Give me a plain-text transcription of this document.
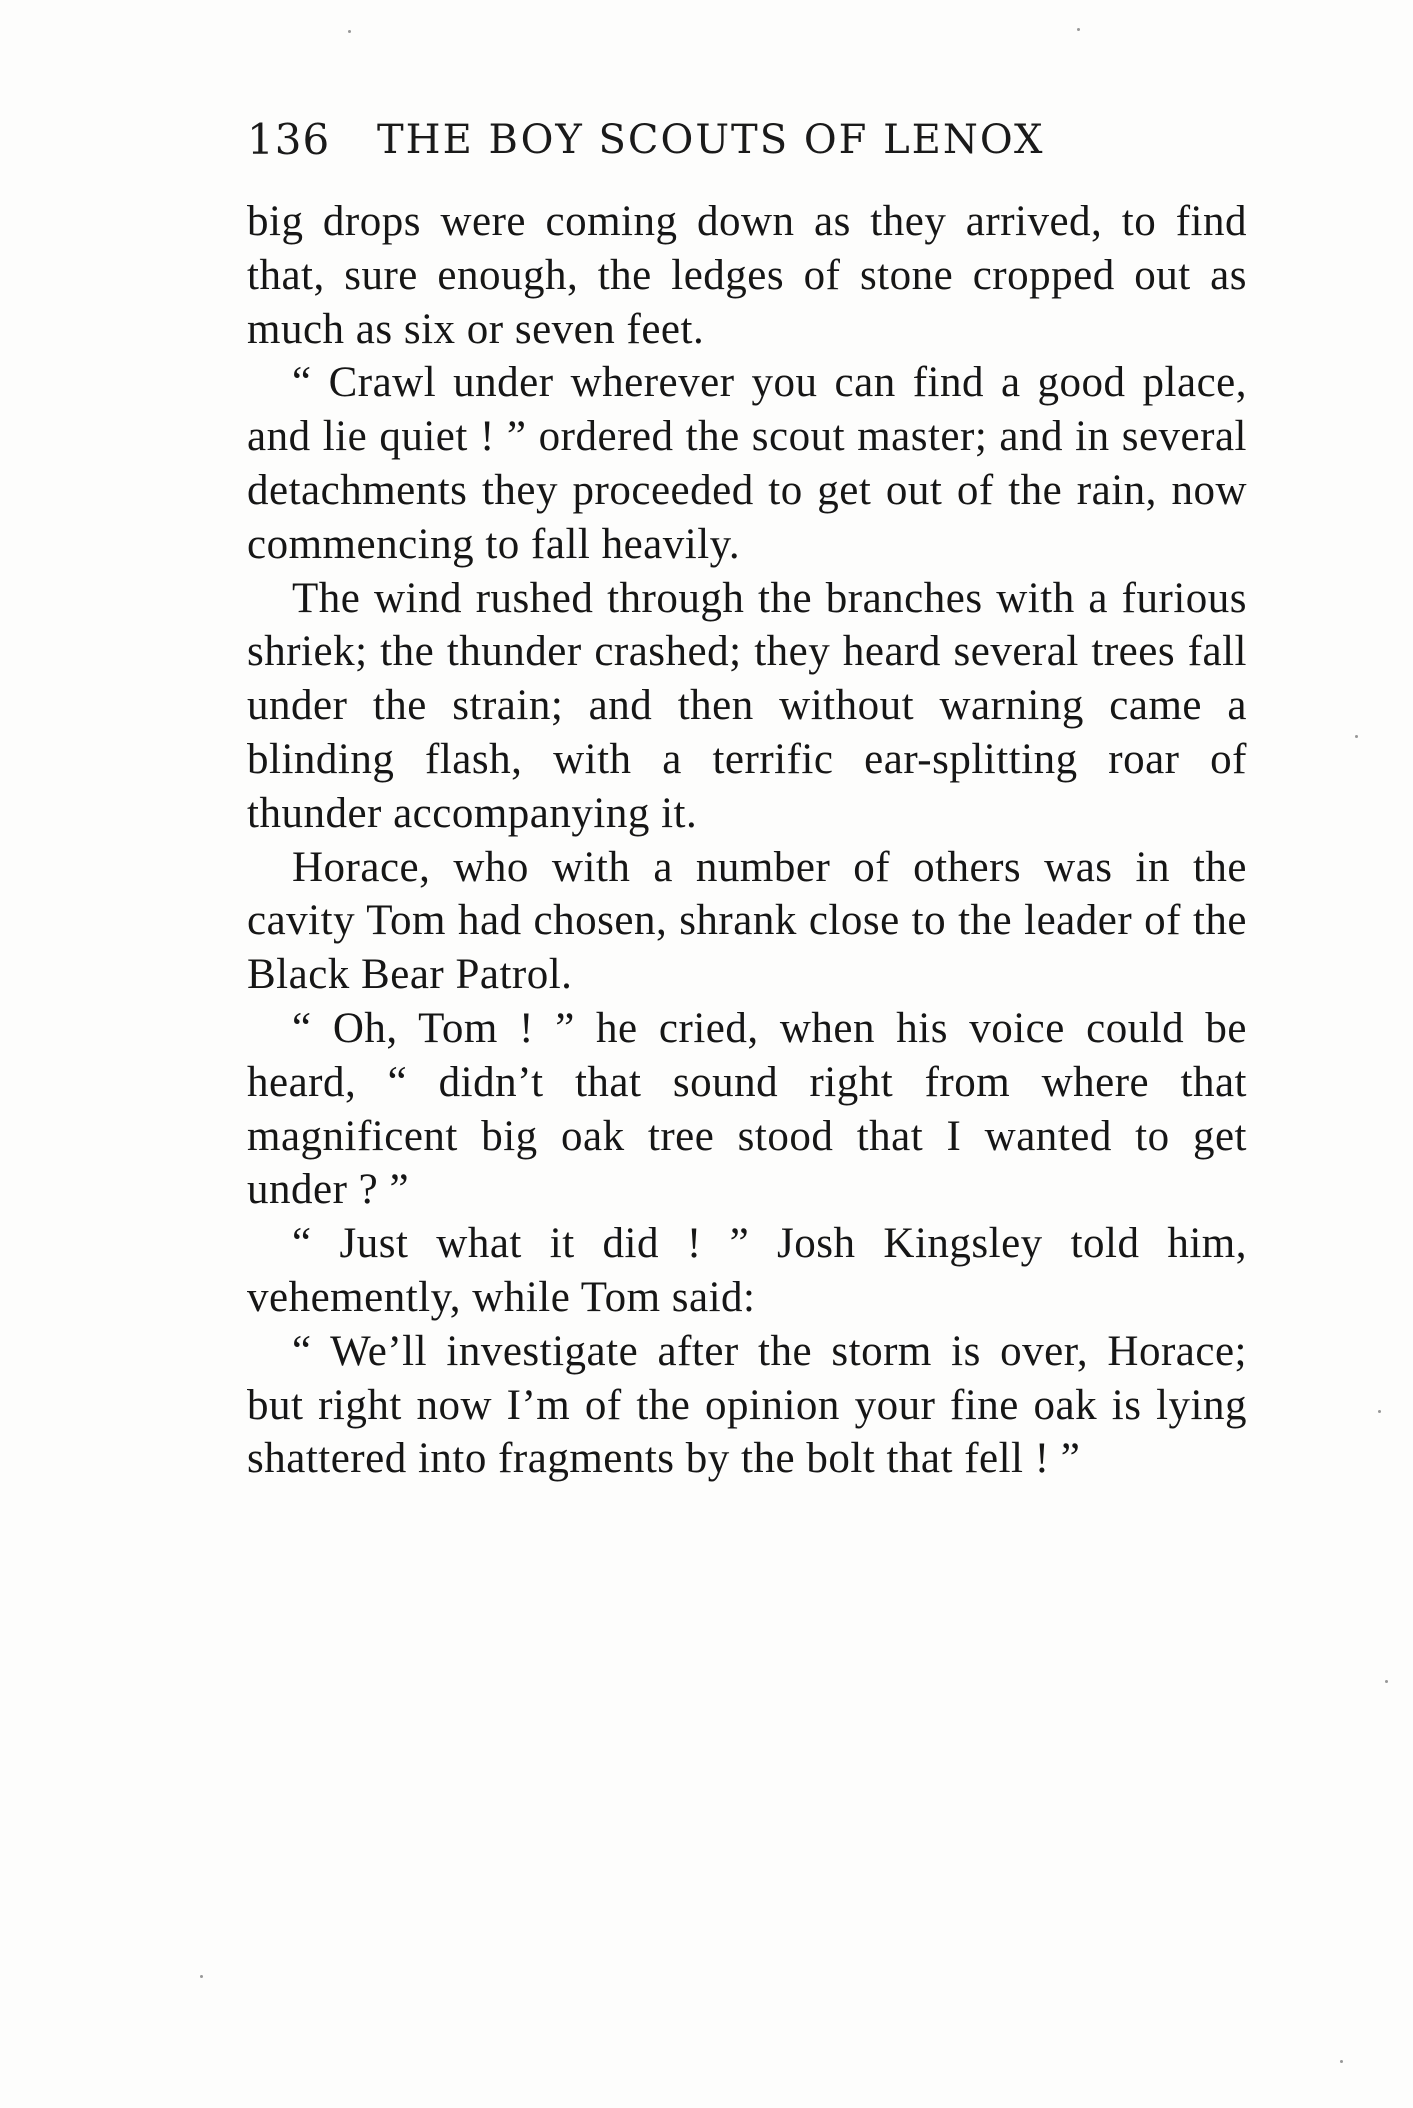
136 THE BOY SCOUTS OF LENOX

big drops were coming down as they arrived, to find that, sure enough, the ledges of stone cropped out as much as six or seven feet.

“ Crawl under wherever you can find a good place, and lie quiet ! ” ordered the scout master; and in several detachments they proceeded to get out of the rain, now commencing to fall heavily.

The wind rushed through the branches with a furious shriek; the thunder crashed; they heard several trees fall under the strain; and then without warning came a blinding flash, with a terrific ear-splitting roar of thunder accompanying it.

Horace, who with a number of others was in the cavity Tom had chosen, shrank close to the leader of the Black Bear Patrol.

“ Oh, Tom ! ” he cried, when his voice could be heard, “ didn’t that sound right from where that magnificent big oak tree stood that I wanted to get under ? ”

“ Just what it did ! ” Josh Kingsley told him, vehemently, while Tom said:

“ We’ll investigate after the storm is over, Horace; but right now I’m of the opinion your fine oak is lying shattered into fragments by the bolt that fell ! ”
